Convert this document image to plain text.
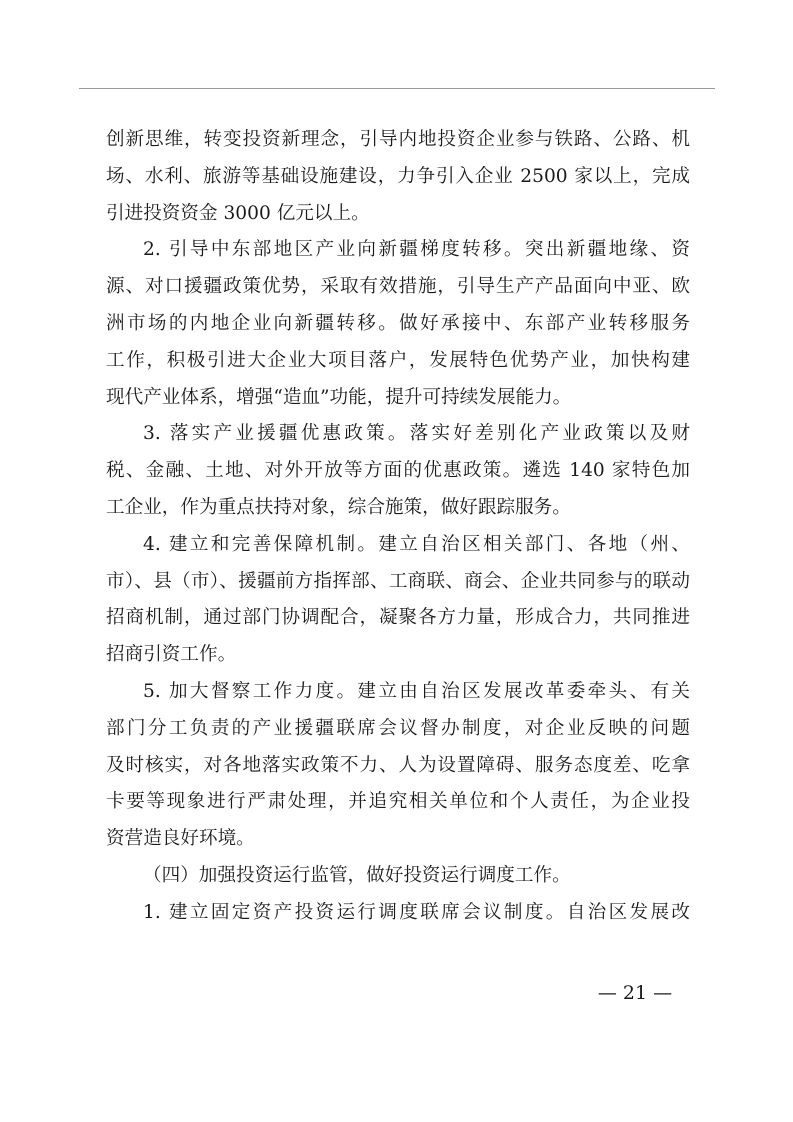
创新思维，转变投资新理念，引导内地投资企业参与铁路、公路、机
场、水利、旅游等基础设施建设，力争引入企业 2500 家以上，完成
引进投资资金 3000 亿元以上。
2. 引导中东部地区产业向新疆梯度转移。突出新疆地缘、资
源、对口援疆政策优势，采取有效措施，引导生产产品面向中亚、欧
洲市场的内地企业向新疆转移。做好承接中、东部产业转移服务
工作，积极引进大企业大项目落户，发展特色优势产业，加快构建
现代产业体系，增强“造血”功能，提升可持续发展能力。
3. 落实产业援疆优惠政策。落实好差别化产业政策以及财
税、金融、土地、对外开放等方面的优惠政策。遴选 140 家特色加
工企业，作为重点扶持对象，综合施策，做好跟踪服务。
4. 建立和完善保障机制。建立自治区相关部门、各地（州、
市）、县（市）、援疆前方指挥部、工商联、商会、企业共同参与的联动
招商机制，通过部门协调配合，凝聚各方力量，形成合力，共同推进
招商引资工作。
5. 加大督察工作力度。建立由自治区发展改革委牵头、有关
部门分工负责的产业援疆联席会议督办制度，对企业反映的问题
及时核实，对各地落实政策不力、人为设置障碍、服务态度差、吃拿
卡要等现象进行严肃处理，并追究相关单位和个人责任，为企业投
资营造良好环境。
（四）加强投资运行监管，做好投资运行调度工作。
1. 建立固定资产投资运行调度联席会议制度。自治区发展改
— 21 —
